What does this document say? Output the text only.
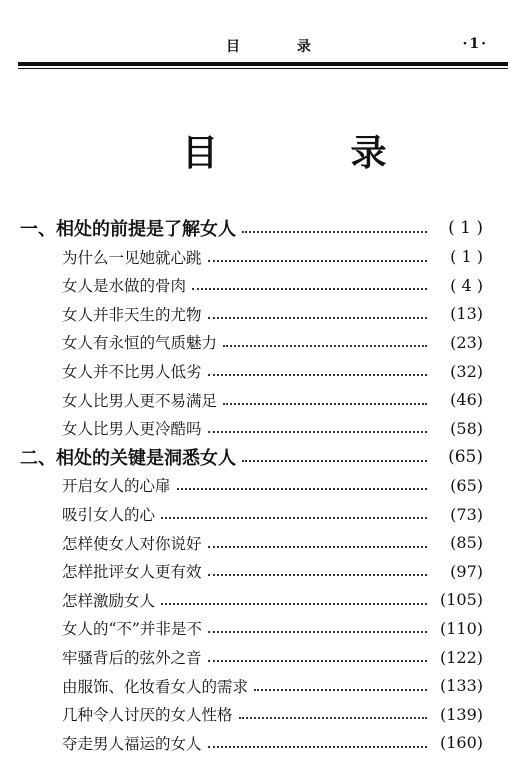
目 录	·1·
目 录
一、相处的前提是了解女人	( 1 )
为什么一见她就心跳	( 1 )
女人是水做的骨肉	( 4 )
女人并非天生的尤物	(13)
女人有永恒的气质魅力	(23)
女人并不比男人低劣	(32)
女人比男人更不易满足	(46)
女人比男人更冷酷吗	(58)
二、相处的关键是洞悉女人	(65)
开启女人的心扉	(65)
吸引女人的心	(73)
怎样使女人对你说好	(85)
怎样批评女人更有效	(97)
怎样激励女人	(105)
女人的“不”并非是不	(110)
牢骚背后的弦外之音	(122)
由服饰、化妆看女人的需求	(133)
几种令人讨厌的女人性格	(139)
夺走男人福运的女人	(160)
